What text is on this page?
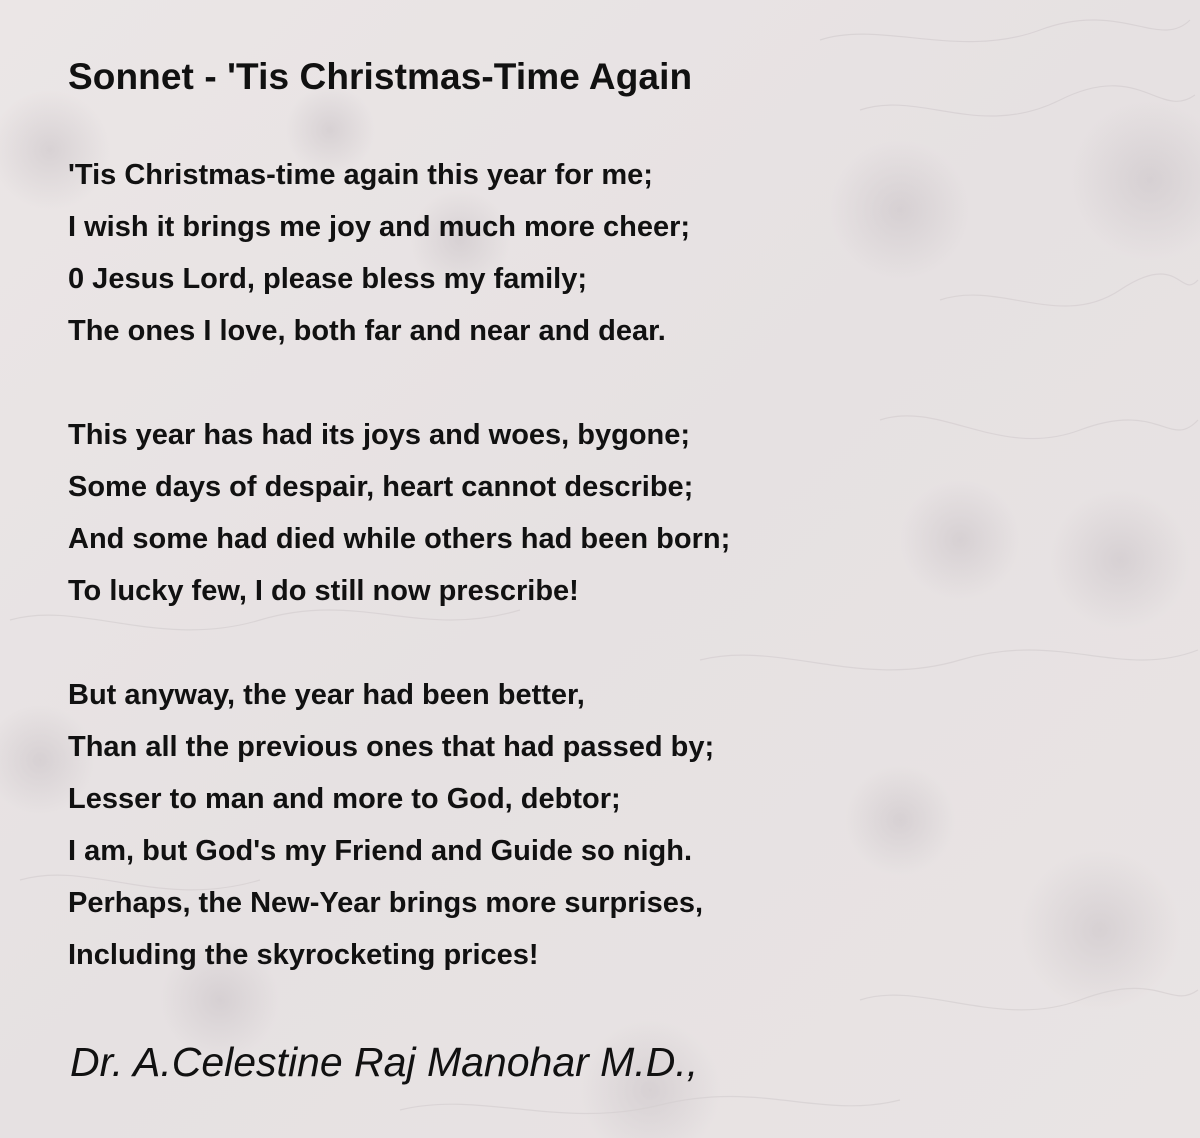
Sonnet - 'Tis Christmas-Time Again
'Tis Christmas-time again this year for me;
I wish it brings me joy and much more cheer;
0 Jesus Lord, please bless my family;
The ones I love, both far and near and dear.
This year has had its joys and woes, bygone;
Some days of despair, heart cannot describe;
And some had died while others had been born;
To lucky few, I do still now prescribe!
But anyway, the year had been better,
Than all the previous ones that had passed by;
Lesser to man and more to God, debtor;
I am, but God's my Friend and Guide so nigh.
Perhaps, the New-Year brings more surprises,
Including the skyrocketing prices!
Dr. A.Celestine Raj Manohar M.D.,
